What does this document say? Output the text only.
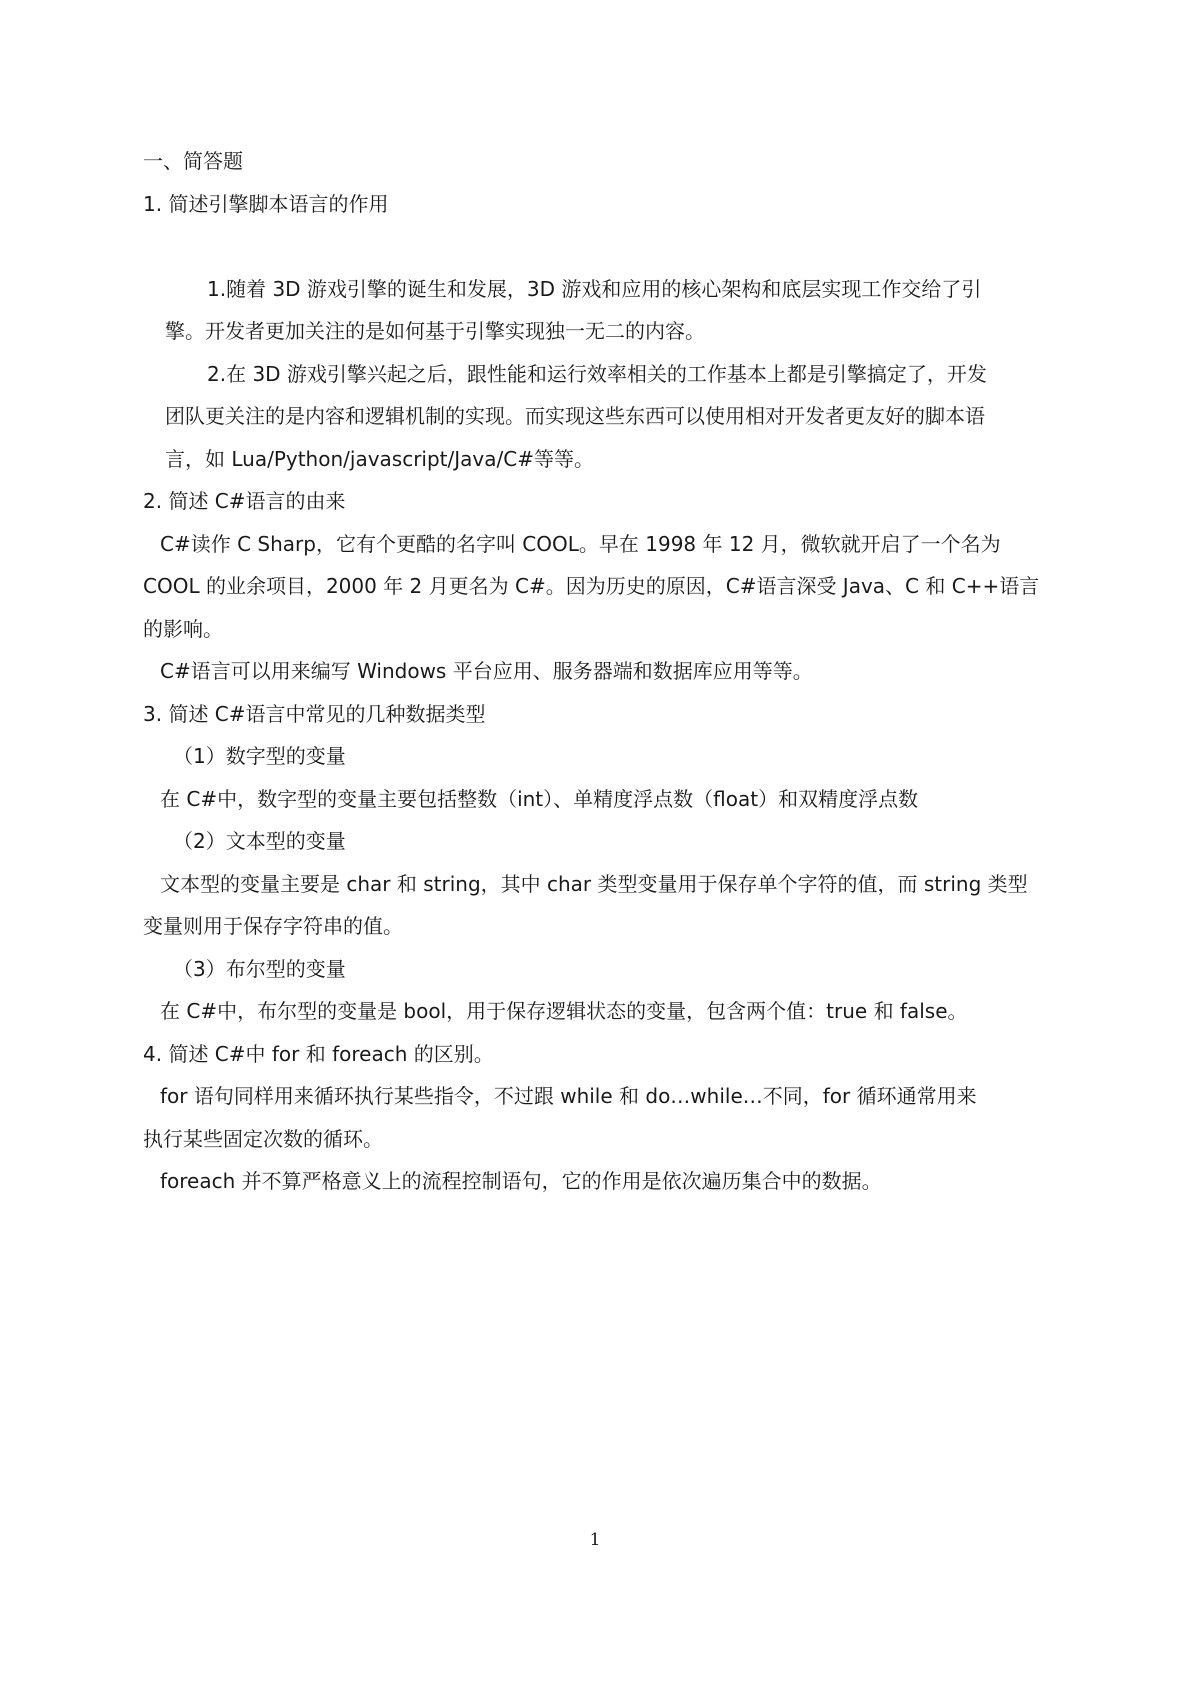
一、简答题
1. 简述引擎脚本语言的作用
1.随着 3D 游戏引擎的诞生和发展，3D 游戏和应用的核心架构和底层实现工作交给了引
擎。开发者更加关注的是如何基于引擎实现独一无二的内容。
2.在 3D 游戏引擎兴起之后，跟性能和运行效率相关的工作基本上都是引擎搞定了，开发
团队更关注的是内容和逻辑机制的实现。而实现这些东西可以使用相对开发者更友好的脚本语
言，如 Lua/Python/javascript/Java/C#等等。
2. 简述 C#语言的由来
C#读作 C Sharp，它有个更酷的名字叫 COOL。早在 1998 年 12 月，微软就开启了一个名为
COOL 的业余项目，2000 年 2 月更名为 C#。因为历史的原因，C#语言深受 Java、C 和 C++语言
的影响。
C#语言可以用来编写 Windows 平台应用、服务器端和数据库应用等等。
3. 简述 C#语言中常见的几种数据类型
（1）数字型的变量
在 C#中，数字型的变量主要包括整数（int）、单精度浮点数（float）和双精度浮点数
（2）文本型的变量
文本型的变量主要是 char 和 string，其中 char 类型变量用于保存单个字符的值，而 string 类型
变量则用于保存字符串的值。
（3）布尔型的变量
在 C#中，布尔型的变量是 bool，用于保存逻辑状态的变量，包含两个值：true 和 false。
4. 简述 C#中 for 和 foreach 的区别。
for 语句同样用来循环执行某些指令，不过跟 while 和 do…while…不同，for 循环通常用来
执行某些固定次数的循环。
foreach 并不算严格意义上的流程控制语句，它的作用是依次遍历集合中的数据。
1
